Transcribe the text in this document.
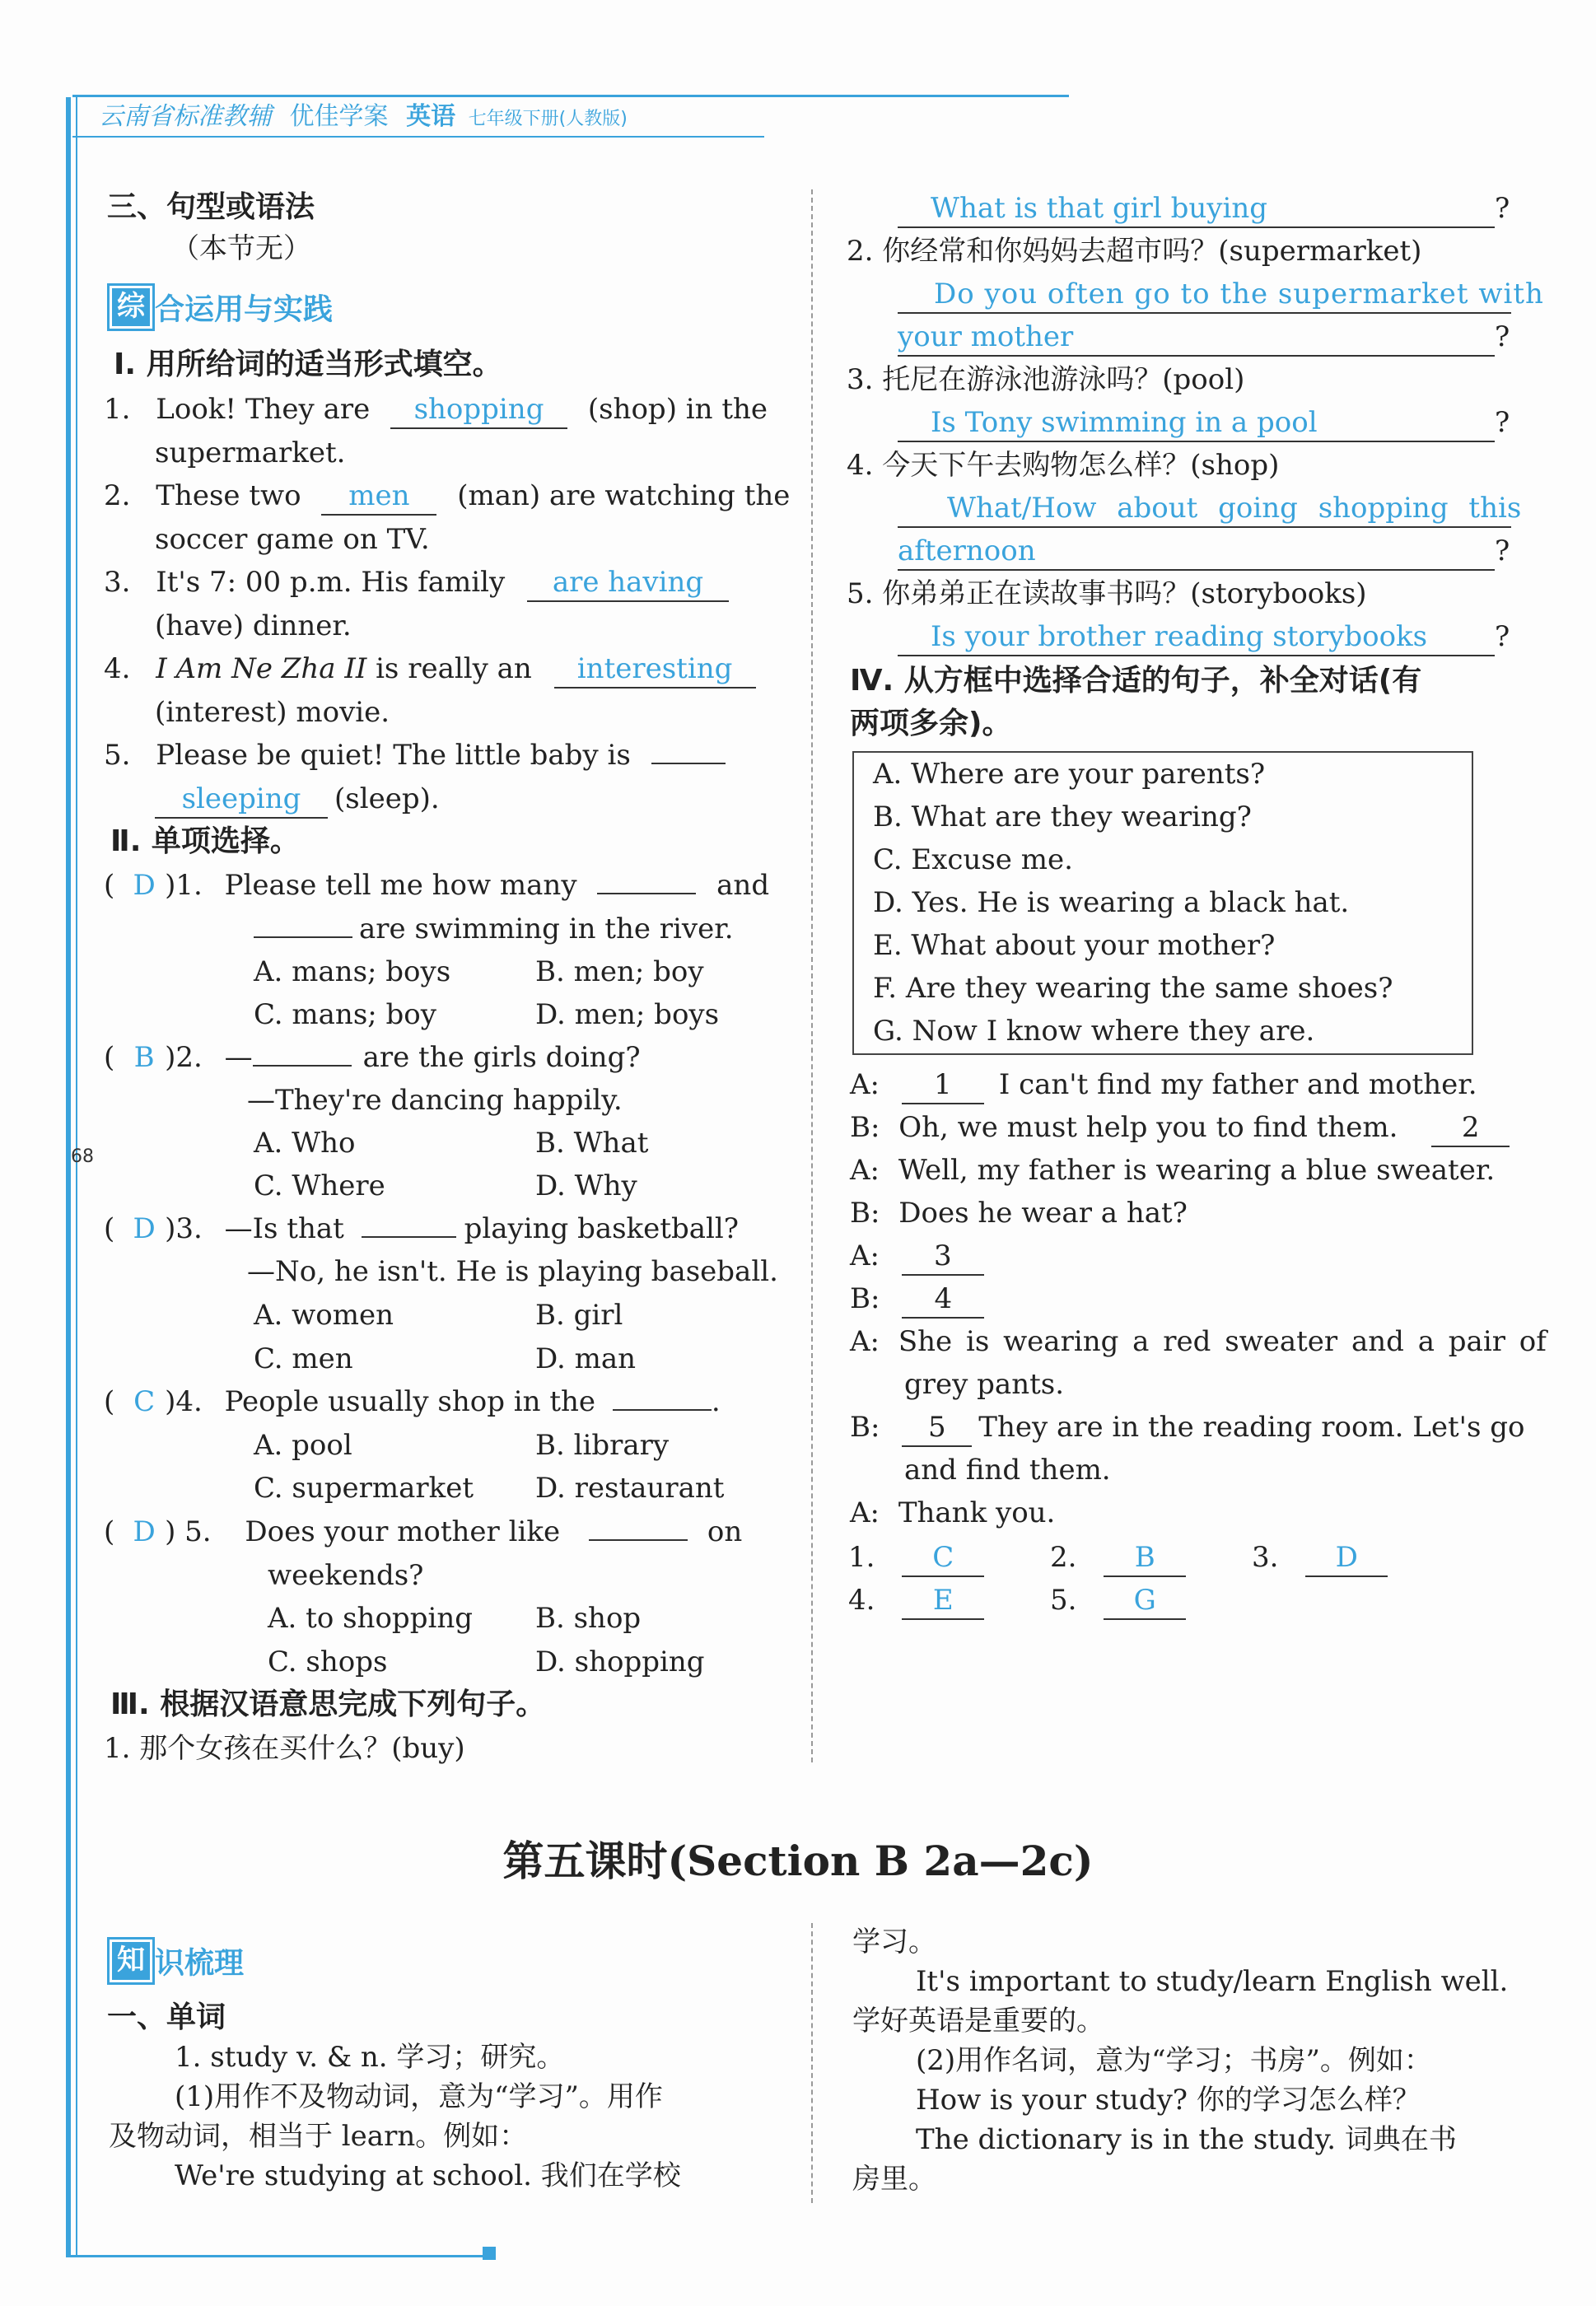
云南省标准教辅 优佳学案 英语 七年级下册(人教版)
68
三、句型或语法
（本节无）
综 合运用与实践
Ⅰ. 用所给词的适当形式填空。
1. Look! They are shopping (shop) in the
supermarket.
2. These two men (man) are watching the
soccer game on TV.
3. It's 7: 00 p.m. His family are having
(have) dinner.
4. I Am Ne Zha II is really an interesting
(interest) movie.
5. Please be quiet! The little baby is
sleeping (sleep).
Ⅱ. 单项选择。
( D )1. Please tell me how many	and
are swimming in the river.
A. mans; boys	B. men; boy
C. mans; boy	D. men; boys
( B )2. —	are the girls doing?
—They're dancing happily.
A. Who	B. What
C. Where	D. Why
( D )3. —Is that	playing basketball?
—No, he isn't. He is playing baseball.
A. women	B. girl
C. men	D. man
( C )4. People usually shop in the	.
A. pool	B. library
C. supermarket D. restaurant
( D ) 5. Does your mother like	on
weekends?
A. to shopping B. shop
C. shops	D. shopping
Ⅲ. 根据汉语意思完成下列句子。
1. 那个女孩在买什么？(buy)
What is that girl buying	?
2. 你经常和你妈妈去超市吗？(supermarket)
Do you often go to the supermarket with
your mother	?
3. 托尼在游泳池游泳吗？(pool)
Is Tony swimming in a pool	?
4. 今天下午去购物怎么样？(shop)
What/How about going shopping this
afternoon	?
5. 你弟弟正在读故事书吗？(storybooks)
Is your brother reading storybooks ?
Ⅳ. 从方框中选择合适的句子，补全对话(有
两项多余)。
A. Where are your parents?
B. What are they wearing?
C. Excuse me.
D. Yes. He is wearing a black hat.
E. What about your mother?
F. Are they wearing the same shoes?
G. Now I know where they are.
A: 1 I can't find my father and mother.
B: Oh, we must help you to find them. 2
A: Well, my father is wearing a blue sweater.
B: Does he wear a hat?
A: 3
B: 4
A: She is wearing a red sweater and a pair of
grey pants.
B: 5 They are in the reading room. Let's go
and find them.
A: Thank you.
1. C	2. B	3. D
4. E	5. G
第五课时(Section B 2a—2c)
知 识梳理
一、单词
1. study v. & n. 学习；研究。
(1)用作不及物动词，意为“学习”。用作
及物动词，相当于 learn。例如：
We're studying at school. 我们在学校
学习。
It's important to study/learn English well.
学好英语是重要的。
(2)用作名词，意为“学习；书房”。例如：
How is your study? 你的学习怎么样？
The dictionary is in the study. 词典在书
房里。
